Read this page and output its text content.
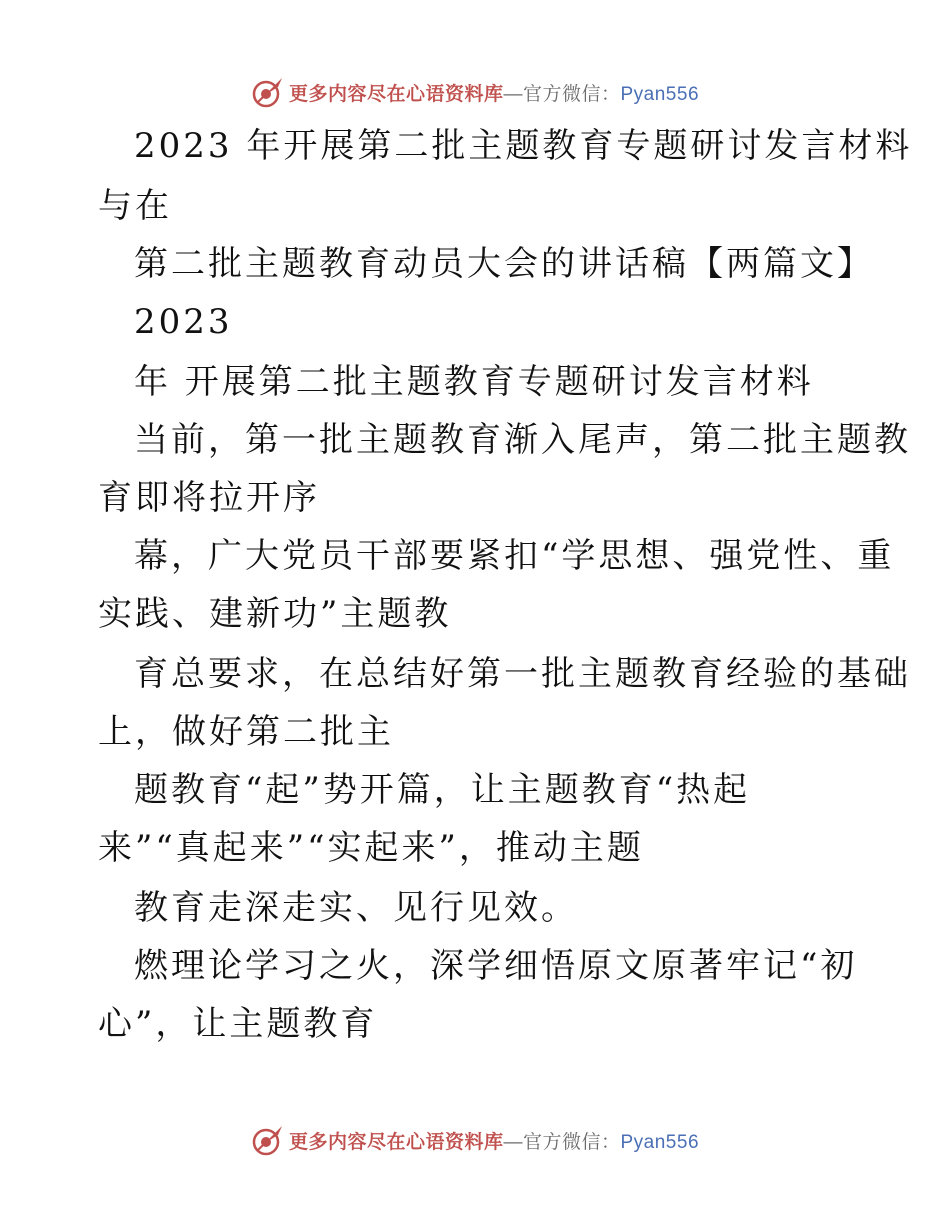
更多内容尽在心语资料库—官方微信：Pyan556
2023 年开展第二批主题教育专题研讨发言材料
与在
第二批主题教育动员大会的讲话稿【两篇文】
2023
年 开展第二批主题教育专题研讨发言材料
当前，第一批主题教育渐入尾声，第二批主题教
育即将拉开序
幕，广大党员干部要紧扣“学思想、强党性、重
实践、建新功”主题教
育总要求，在总结好第一批主题教育经验的基础
上，做好第二批主
题教育“起”势开篇，让主题教育“热起
来”“真起来”“实起来”，推动主题
教育走深走实、见行见效。
燃理论学习之火，深学细悟原文原著牢记“初
心”，让主题教育
更多内容尽在心语资料库—官方微信：Pyan556
